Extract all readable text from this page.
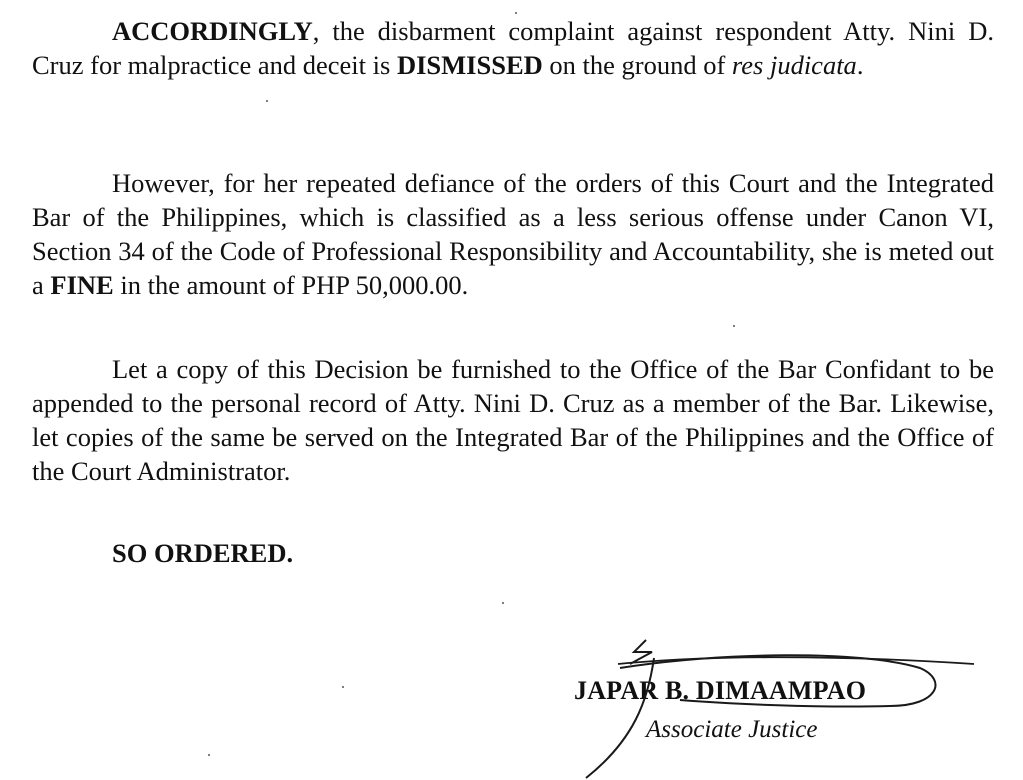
ACCORDINGLY, the disbarment complaint against respondent Atty. Nini D. Cruz for malpractice and deceit is DISMISSED on the ground of res judicata.

However, for her repeated defiance of the orders of this Court and the Integrated Bar of the Philippines, which is classified as a less serious offense under Canon VI, Section 34 of the Code of Professional Responsibility and Accountability, she is meted out a FINE in the amount of PHP 50,000.00.

Let a copy of this Decision be furnished to the Office of the Bar Confidant to be appended to the personal record of Atty. Nini D. Cruz as a member of the Bar. Likewise, let copies of the same be served on the Integrated Bar of the Philippines and the Office of the Court Administrator.

SO ORDERED.

JAPAR B. DIMAAMPAO
Associate Justice
